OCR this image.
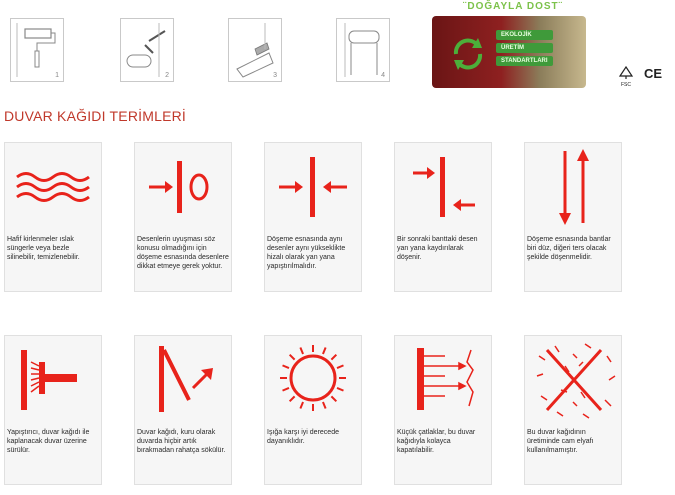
1	2	3	4
¨DOĞAYLA DOST¨
EKOLOJİK
ÜRETİM
STANDARTLARI
FSC
CE
DUVAR KAĞIDI TERİMLERİ
Hafif kirlenmeler ıslak süngerle veya bezle silinebilir, temizlenebilir.
Desenlerin uyuşması söz konusu olmadığını için döşeme esnasında desenlere dikkat etmeye gerek yoktur.
Döşeme esnasında aynı desenler aynı yükseklikte hizalı olarak yan yana yapıştırılmalıdır.
Bir sonraki banttaki desen yan yana kaydırılarak döşenir.
Döşeme esnasında bantlar biri düz, diğeri ters olacak şekilde döşenmelidir.
Yapıştırıcı, duvar kağıdı ile kaplanacak duvar üzerine sürülür.
Duvar kağıdı, kuru olarak duvarda hiçbir artık bırakmadan rahatça sökülür.
Işığa karşı iyi derecede dayanıklıdır.
Küçük çatlaklar, bu duvar kağıdıyla kolayca kapatılabilir.
Bu duvar kağıdının üretiminde cam elyafı kullanılmamıştır.
